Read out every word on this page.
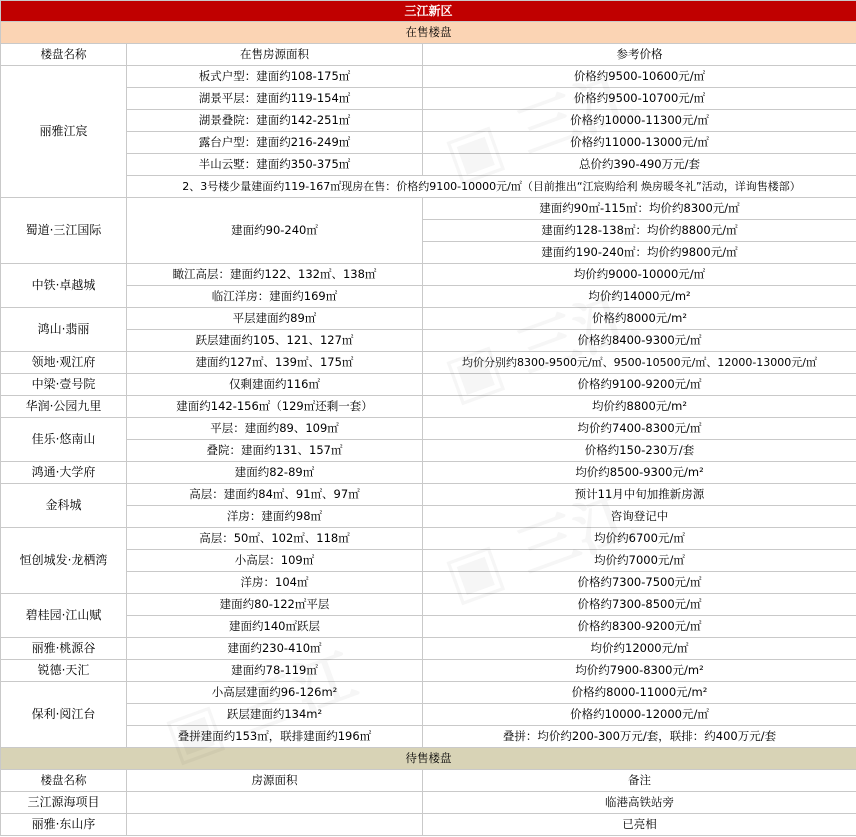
三江新区		
在售楼盘		
楼盘名称	在售房源面积	参考价格
丽雅江宸	板式户型：建面约108-175㎡	价格约9500-10600元/㎡
	湖景平层：建面约119-154㎡	价格约9500-10700元/㎡
	湖景叠院：建面约142-251㎡	价格约10000-11300元/㎡
	露台户型：建面约216-249㎡	价格约11000-13000元/㎡
	半山云墅：建面约350-375㎡	总价约390-490万元/套
	2、3号楼少量建面约119-167㎡现房在售：价格约9100-10000元/㎡（目前推出“江宸购给利 焕房暖冬礼”活动，详询售楼部）	
蜀道·三江国际	建面约90-240㎡	建面约90㎡-115㎡：均价约8300元/㎡
		建面约128-138㎡：均价约8800元/㎡
		建面约190-240㎡：均价约9800元/㎡
中铁·卓越城	瞰江高层：建面约122、132㎡、138㎡	均价约9000-10000元/㎡
	临江洋房：建面约169㎡	均价约14000元/m²
鸿山·翡丽	平层建面约89㎡	价格约8000元/m²
	跃层建面约105、121、127㎡	价格约8400-9300元/㎡
领地·观江府	建面约127㎡、139㎡、175㎡	均价分别约8300-9500元/㎡、9500-10500元/㎡、12000-13000元/㎡
中梁·壹号院	仅剩建面约116㎡	价格约9100-9200元/㎡
华润·公园九里	建面约142-156㎡（129㎡还剩一套）	均价约8800元/m²
佳乐·悠南山	平层：建面约89、109㎡	均价约7400-8300元/㎡
	叠院：建面约131、157㎡	价格约150-230万/套
鸿通·大学府	建面约82-89㎡	均价约8500-9300元/m²
金科城	高层：建面约84㎡、91㎡、97㎡	预计11月中旬加推新房源
	洋房：建面约98㎡	咨询登记中
恒创城发·龙栖湾	高层：50㎡、102㎡、118㎡	均价约6700元/㎡
	小高层：109㎡	均价约7000元/㎡
	洋房：104㎡	价格约7300-7500元/㎡
碧桂园·江山赋	建面约80-122㎡平层	价格约7300-8500元/㎡
	建面约140㎡跃层	价格约8300-9200元/㎡
丽雅·桃源谷	建面约230-410㎡	均价约12000元/㎡
锐德·天汇	建面约78-119㎡	均价约7900-8300元/m²
保利·阅江台	小高层建面约96-126m²	价格约8000-11000元/m²
	跃层建面约134m²	价格约10000-12000元/㎡
	叠拼建面约153㎡，联排建面约196㎡	叠拼：均价约200-300万元/套，联排：约400万元/套
待售楼盘		
楼盘名称	房源面积	备注
三江源海项目		临港高铁站旁
丽雅·东山序		已亮相
